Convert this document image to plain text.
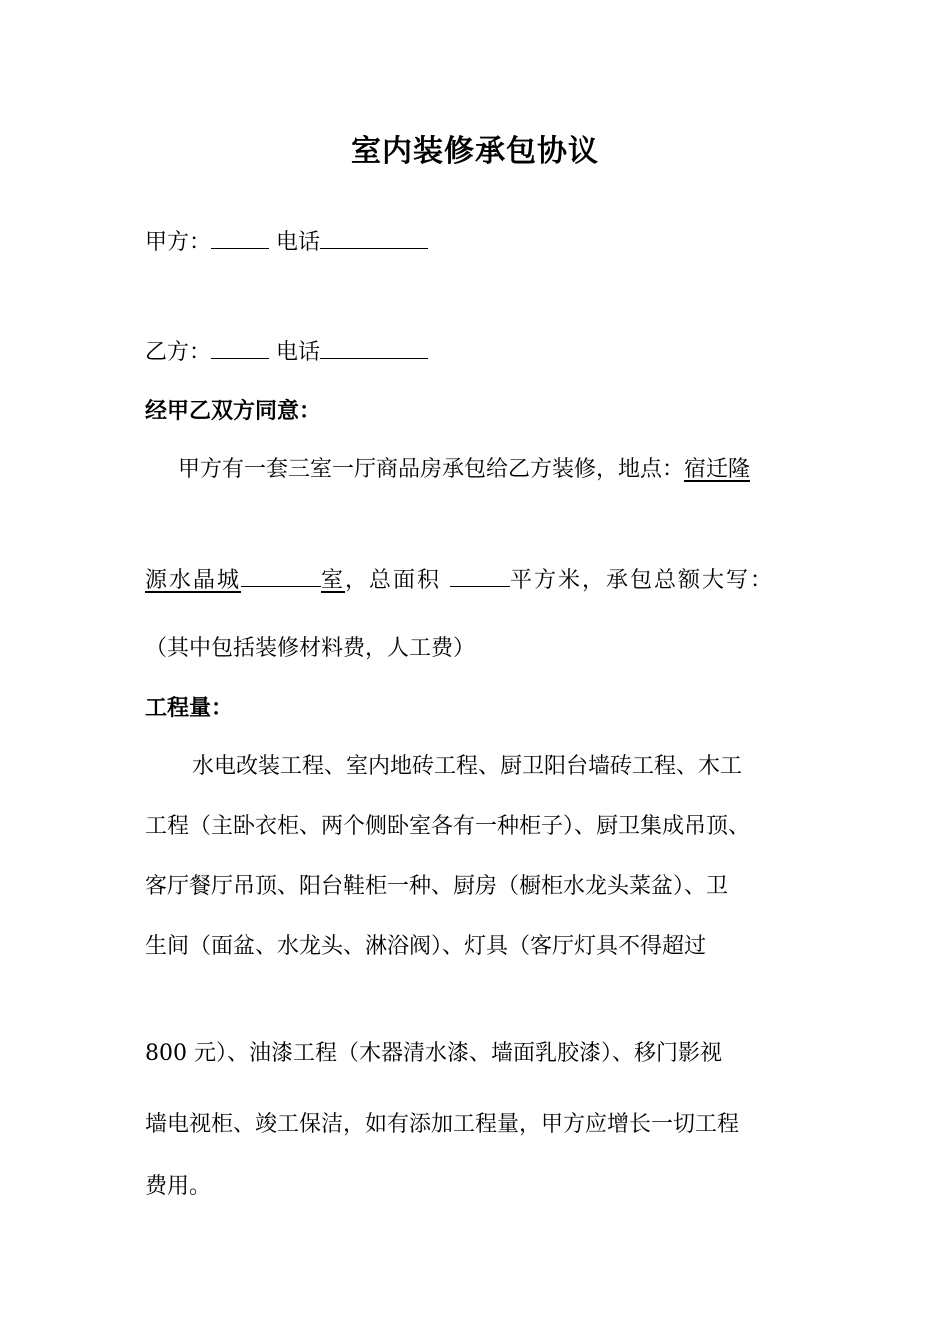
室内装修承包协议
甲方：	电话
乙方：	电话
经甲乙双方同意：
甲方有一套三室一厅商品房承包给乙方装修，地点：宿迁隆
源水晶城	室，总面积	平方米，承包总额大写：
（其中包括装修材料费，人工费）
工程量：
水电改装工程、室内地砖工程、厨卫阳台墙砖工程、木工
工程（主卧衣柜、两个侧卧室各有一种柜子）、厨卫集成吊顶、
客厅餐厅吊顶、阳台鞋柜一种、厨房（橱柜水龙头菜盆）、卫
生间（面盆、水龙头、淋浴阀）、灯具（客厅灯具不得超过
800 元）、油漆工程（木器清水漆、墙面乳胶漆）、移门影视
墙电视柜、竣工保洁，如有添加工程量，甲方应增长一切工程
费用。
